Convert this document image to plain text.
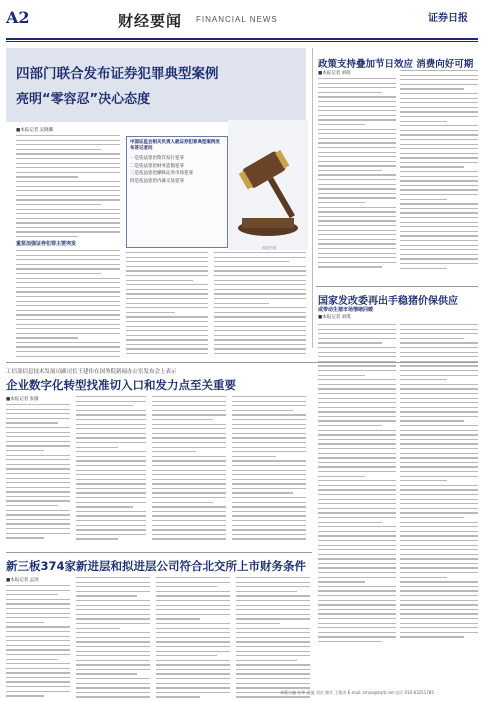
A2	财经要闻 FINANCIAL NEWS	证券日报
四部门联合发布证券犯罪典型案例
亮明“零容忍”决心态度
■本报记者 吴晓璐
重惩加强证券犯罪主要突发
中国证监会相关负责人就证券犯罪典型案例发布答记者问
一是依法惩治欺诈发行犯罪
二是依法惩治财务造假犯罪
三是依法惩治操纵证券市场犯罪
四是依法惩治内幕交易犯罪
视觉中国
政策支持叠加节日效应 消费向好可期
■本报记者 刘萌
国家发改委再出手稳猪价保供应
或带动生猪市场情绪回暖
■本报记者 刘琪
工信部信息技术发展司副司长王建伟在国务院新闻办公室发布会上表示
企业数字化转型找准切入口和发力点至关重要
■本报记者 张敏
新三板374家新进层和拟进层公司符合北交所上市财务条件
■本报记者 孟珂
本版主编 孙华 责编 刘宏 制作 王敬涛 E-mail: zmzx@zqrb.net 电话 010-83251785
